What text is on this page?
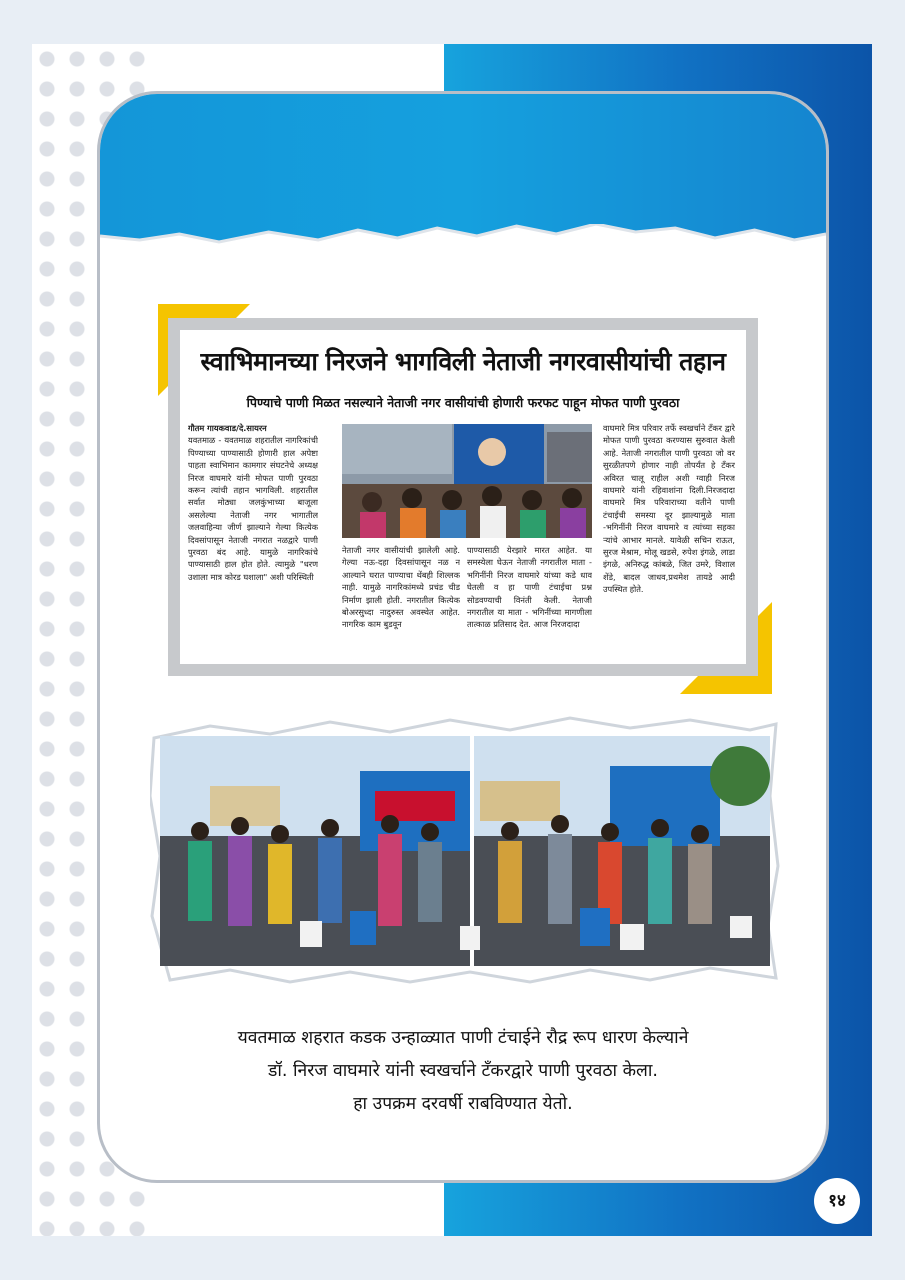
स्वाभिमानच्या निरजने भागविली नेताजी नगरवासीयांची तहान
पिण्याचे पाणी मिळत नसल्याने नेताजी नगर वासीयांची होणारी फरफट पाहून मोफत पाणी पुरवठा
गौतम गायकवाड/दे.सायरन
यवतमाळ - यवतमाळ शहरातील नागरिकांची पिण्याच्या पाण्यासाठी होणारी हाल अपेष्टा पाहता स्वाभिमान कामगार संघटनेचे अध्यक्ष निरज वाघमारे यांनी मोफत पाणी पुरवठा करून त्यांची तहान भागविली. शहरातील सर्वात मोठ्या जलकुंभाच्या बाजूला असलेल्या नेताजी नगर भागातील जलवाहिन्या जीर्ण झाल्याने गेल्या कित्येक दिवसांपासून नेताजी नगरात नळद्वारे पाणी पुरवठा बंद आहे. यामुळे नागरिकांचे पाण्यासाठी हाल होत होते. त्यामुळे "धरण उशाला मात्र कोरड घशाला" अशी परिस्थिती
नेताजी नगर वासीयांची झालेली आहे. गेल्या नऊ-दहा दिवसांपासून नळ न आल्याने घरात पाण्याचा थेंबही शिल्लक नाही. यामुळे नागरिकांमध्ये प्रचंड चीड निर्माण झाली होती. नगरातील कित्येक बोअरसुध्दा नादुरुस्त अवस्थेत आहेत. नागरिक काम बुडवून
पाण्यासाठी येरझारे मारत आहेत. या समस्येला घेऊन नेताजी नगरातील माता - भगिनींनी निरज वाघमारे यांच्या कडे धाव घेतली व हा पाणी टंचाईचा प्रश्न सोडवण्याची विनंती केली. नेताजी नगरातील या माता - भगिनींच्या मागणीला तात्काळ प्रतिसाद देत. आज निरजदादा
वाघमारे मित्र परिवार तर्फे स्वखर्चाने टँकर द्वारे मोफत पाणी पुरवठा करण्यास सुरुवात केली आहे. नेताजी नगरातील पाणी पुरवठा जो वर सुरळीतपणे होणार नाही तोपर्यंत हे टँकर अविरत चालू राहील अशी ग्वाही निरज वाघमारे यांनी रहिवाशांना दिली.निरजदादा वाघमारे मित्र परिवाराच्या वतीने पाणी टंचाईची समस्या दूर झाल्यामुळे माता -भगिनींनी निरज वाघमारे व त्यांच्या सहका ऱ्यांचे आभार मानले. यावेळी सचिन राऊत, सुरज मेश्राम, मोलू खडसे, रुपेश इंगळे, लाडा इंगळे, अनिरुद्ध कांबळे, जित उमरे, विशाल शेंडे, बादल जाधव,प्रथमेश तायडे आदी उपस्थित होते.
यवतमाळ शहरात कडक उन्हाळ्यात पाणी टंचाईने रौद्र रूप धारण केल्याने
डॉ. निरज वाघमारे यांनी स्वखर्चाने टँकरद्वारे पाणी पुरवठा केला.
हा उपक्रम दरवर्षी राबविण्यात येतो.
१४
